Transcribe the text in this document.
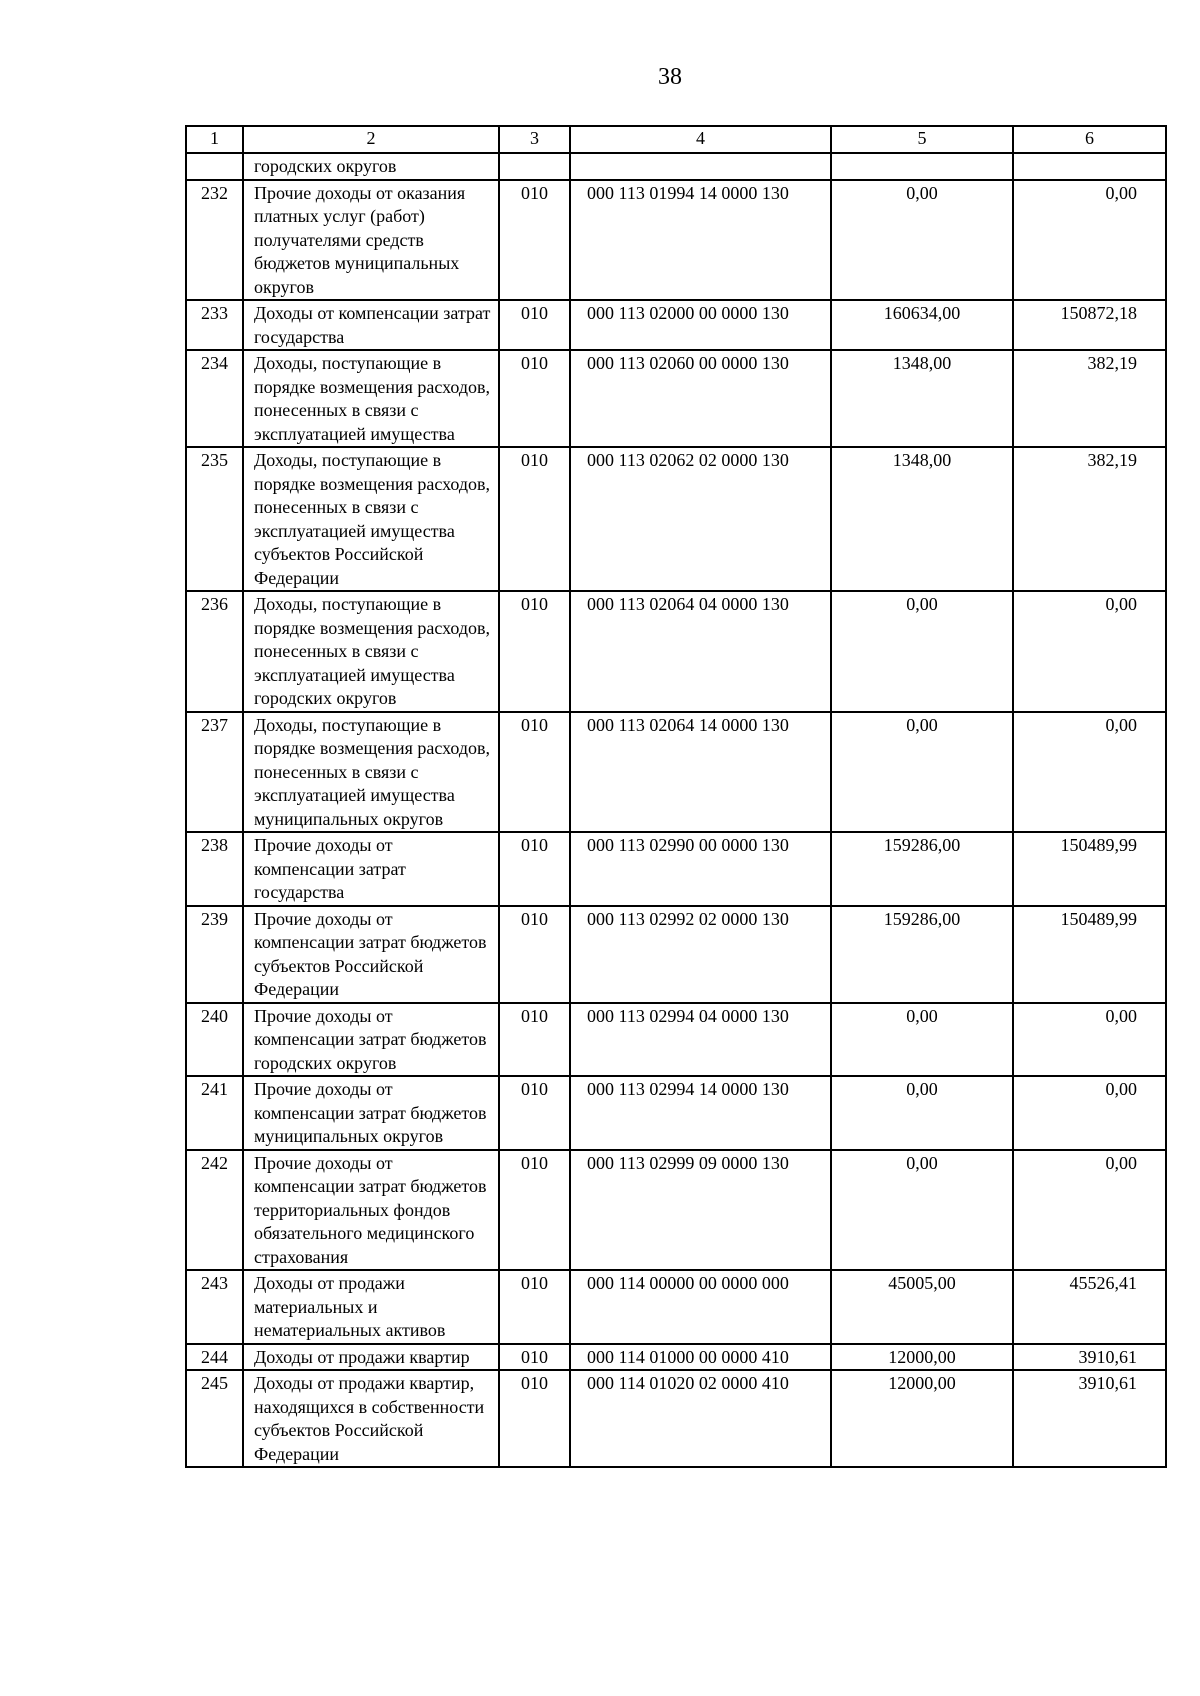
38
1	2	3	4	5	6
	городских округов				
232	Прочие доходы от оказания платных услуг (работ) получателями средств бюджетов муниципальных округов	010	000 113 01994 14 0000 130	0,00	0,00
233	Доходы от компенсации затрат государства	010	000 113 02000 00 0000 130	160634,00	150872,18
234	Доходы, поступающие в порядке возмещения расходов, понесенных в связи с эксплуатацией имущества	010	000 113 02060 00 0000 130	1348,00	382,19
235	Доходы, поступающие в порядке возмещения расходов, понесенных в связи с эксплуатацией имущества субъектов Российской Федерации	010	000 113 02062 02 0000 130	1348,00	382,19
236	Доходы, поступающие в порядке возмещения расходов, понесенных в связи с эксплуатацией имущества городских округов	010	000 113 02064 04 0000 130	0,00	0,00
237	Доходы, поступающие в порядке возмещения расходов, понесенных в связи с эксплуатацией имущества муниципальных округов	010	000 113 02064 14 0000 130	0,00	0,00
238	Прочие доходы от компенсации затрат государства	010	000 113 02990 00 0000 130	159286,00	150489,99
239	Прочие доходы от компенсации затрат бюджетов субъектов Российской Федерации	010	000 113 02992 02 0000 130	159286,00	150489,99
240	Прочие доходы от компенсации затрат бюджетов городских округов	010	000 113 02994 04 0000 130	0,00	0,00
241	Прочие доходы от компенсации затрат бюджетов муниципальных округов	010	000 113 02994 14 0000 130	0,00	0,00
242	Прочие доходы от компенсации затрат бюджетов территориальных фондов обязательного медицинского страхования	010	000 113 02999 09 0000 130	0,00	0,00
243	Доходы от продажи материальных и нематериальных активов	010	000 114 00000 00 0000 000	45005,00	45526,41
244	Доходы от продажи квартир	010	000 114 01000 00 0000 410	12000,00	3910,61
245	Доходы от продажи квартир, находящихся в собственности субъектов Российской Федерации	010	000 114 01020 02 0000 410	12000,00	3910,61
